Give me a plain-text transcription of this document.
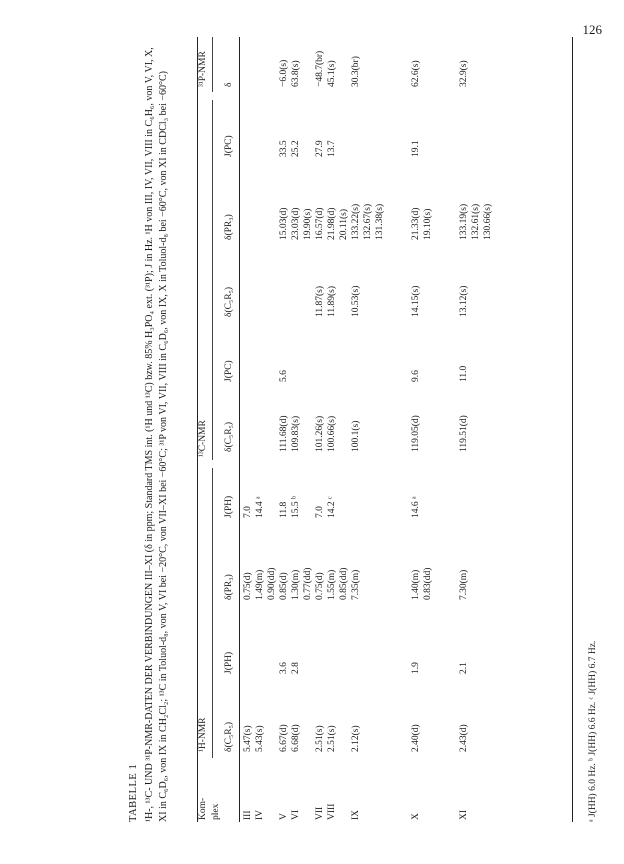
126
TABELLE 1 ¹H-, ¹³C- UND ³¹P-NMR-DATEN DER VERBINDUNGEN III–XI (δ in ppm; Standard TMS int. (¹H und ¹³C) bzw. 85% H₃PO₄ ext. (³¹P); J in Hz. ¹H von III, IV, VII, VIII in C₆H₆, von V, VI, X, XI in C₆D₆, von IX in CH₂Cl₂; ¹³C in Toluol-d₈, von V, VI bei −20°C, von VII–XI bei −60°C; ³¹P von VI, VII, VIII in C₆D₆, von IX, X in Toluol-d₈ bei −60°C, von XI in CDCl₃ bei −60°C)	Kom- plex
¹H-NMR
¹³C-NMR
³¹P-NMR
δ(C₅R₅)
J(PH)
δ(PR₃)
J(PH)
δ(C₅R₅)
J(PC)
δ(C₅R₅)
δ(PR₃)
J(PC)
δ
III
5.47(s)
0.75(d)
7.0
IV
5.43(s)
1.49(m) 0.90(dd)
14.4 ᵃ
V
6.67(d)
3.6
0.85(d)
11.8
111.68(d)
5.6
15.03(d)
33.5
−6.0(s)
VI
6.68(d)
2.8
1.30(m) 0.77(dd)
15.5 ᵇ
109.83(s)
23.03(d) 19.90(s)
25.2
63.8(s)
VII
2.51(s)
0.75(d)
7.0
101.26(s)
11.87(s)
16.57(d)
27.9
−48.7(br)
VIII
2.51(s)
1.55(m) 0.85(dd)
14.2 ᶜ
100.66(s)
11.89(s)
21.98(d) 20.11(s)
13.7
45.1(s)
IX
2.12(s)
7.35(m)
100.1(s)
10.53(s)
133.22(s) 132.67(s) 131.38(s)
30.3(br)
X
2.40(d)
1.9
1.40(m) 0.83(dd)
14.6 ᵃ
119.05(d)
9.6
14.15(s)
21.33(d) 19.10(s)
19.1
62.6(s)
XI
2.43(d)
2.1
7.30(m)
119.51(d)
11.0
13.12(s)
133.19(s) 132.61(s) 130.66(s)
32.9(s)
ᵃ J(HH) 6.0 Hz. ᵇ J(HH) 6.6 Hz. ᶜ J(HH) 6.7 Hz.
